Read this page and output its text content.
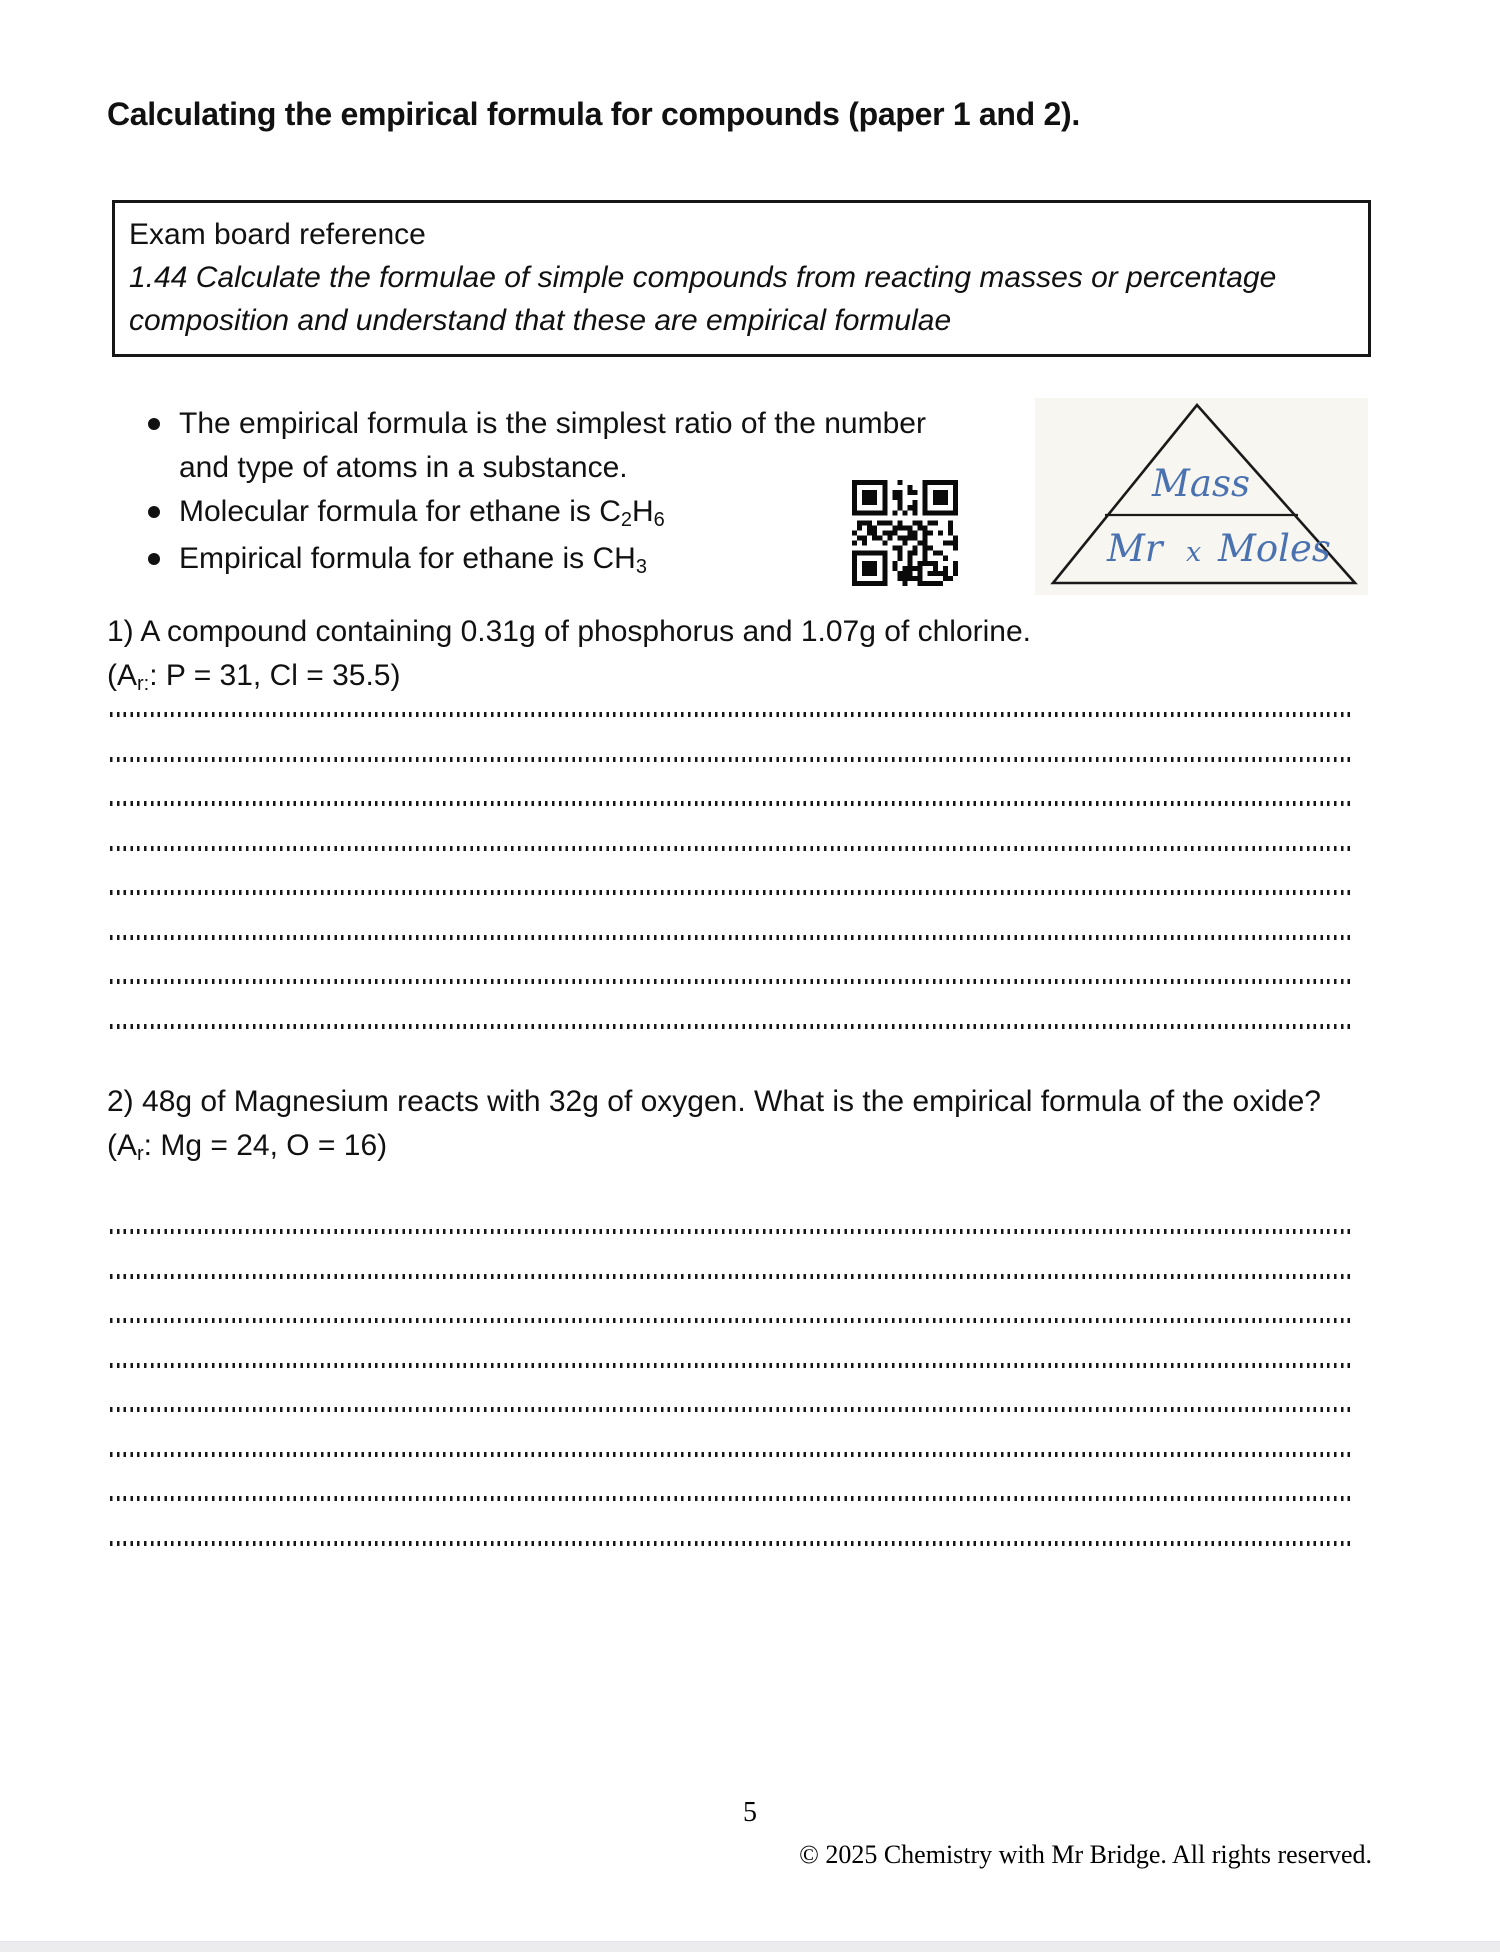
Calculating the empirical formula for compounds (paper 1 and 2).
Exam board reference
1.44 Calculate the formulae of simple compounds from reacting masses or percentage composition and understand that these are empirical formulae
The empirical formula is the simplest ratio of the number and type of atoms in a substance.
Molecular formula for ethane is C2H6
Empirical formula for ethane is CH3
Mass
Mr x Moles
1) A compound containing 0.31g of phosphorus and 1.07g of chlorine.
(Ar:: P = 31, Cl = 35.5)
2) 48g of Magnesium reacts with 32g of oxygen. What is the empirical formula of the oxide?
(Ar: Mg = 24, O = 16)
5
© 2025 Chemistry with Mr Bridge. All rights reserved.
